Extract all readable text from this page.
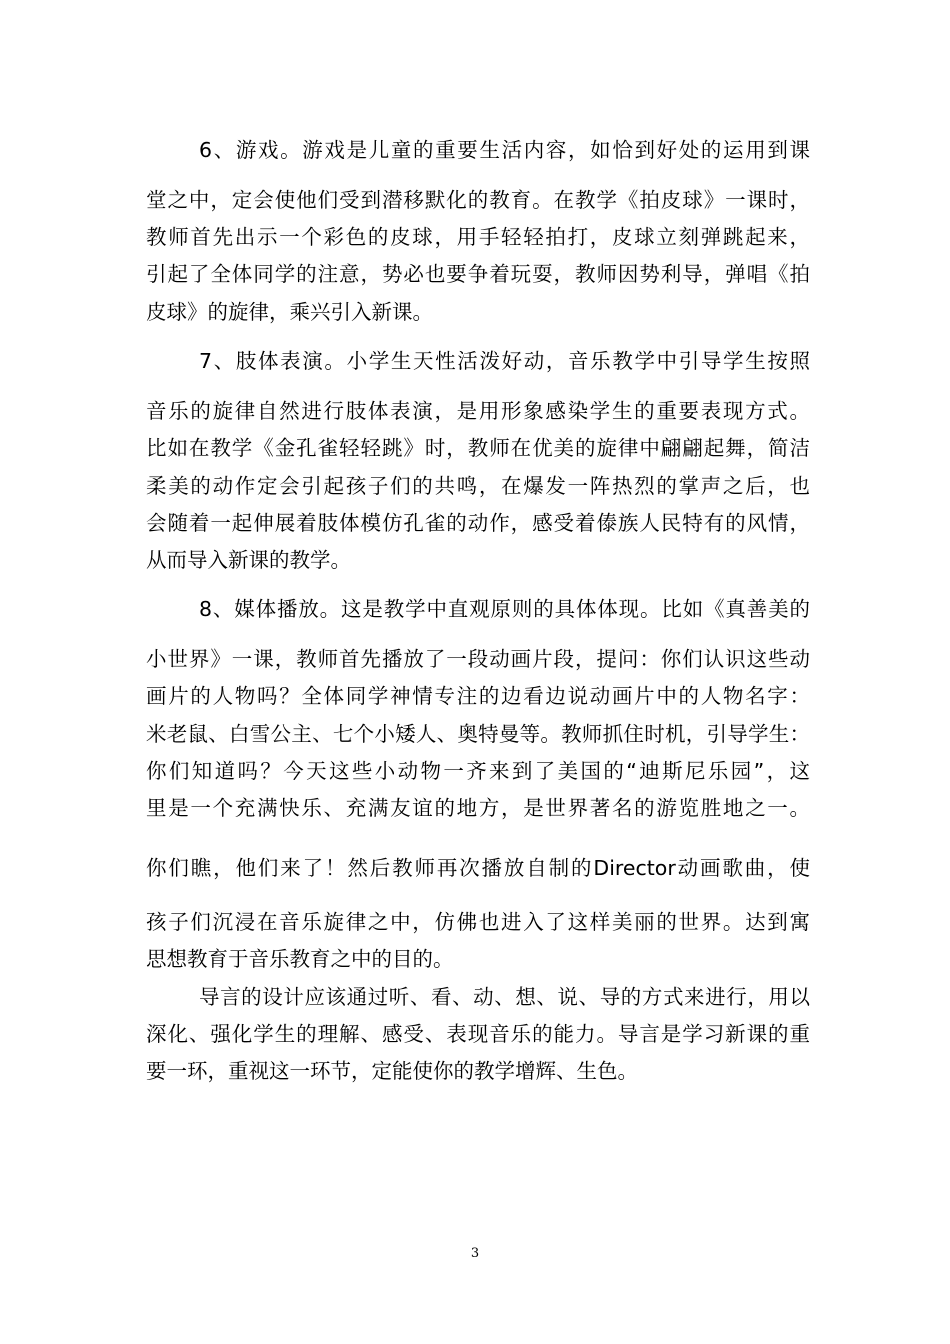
6、游戏。游戏是儿童的重要生活内容，如恰到好处的运用到课
堂之中，定会使他们受到潜移默化的教育。在教学《拍皮球》一课时，
教师首先出示一个彩色的皮球，用手轻轻拍打，皮球立刻弹跳起来，
引起了全体同学的注意，势必也要争着玩耍，教师因势利导，弹唱《拍
皮球》的旋律，乘兴引入新课。
7、肢体表演。小学生天性活泼好动，音乐教学中引导学生按照
音乐的旋律自然进行肢体表演，是用形象感染学生的重要表现方式。
比如在教学《金孔雀轻轻跳》时，教师在优美的旋律中翩翩起舞，简洁
柔美的动作定会引起孩子们的共鸣，在爆发一阵热烈的掌声之后，也
会随着一起伸展着肢体模仿孔雀的动作，感受着傣族人民特有的风情，
从而导入新课的教学。
8、媒体播放。这是教学中直观原则的具体体现。比如《真善美的
小世界》一课，教师首先播放了一段动画片段，提问：你们认识这些动
画片的人物吗？全体同学神情专注的边看边说动画片中的人物名字：
米老鼠、白雪公主、七个小矮人、奥特曼等。教师抓住时机，引导学生：
你们知道吗？今天这些小动物一齐来到了美国的“迪斯尼乐园”，这
里是一个充满快乐、充满友谊的地方，是世界著名的游览胜地之一。
你们瞧，他们来了！然后教师再次播放自制的Director动画歌曲，使
孩子们沉浸在音乐旋律之中，仿佛也进入了这样美丽的世界。达到寓
思想教育于音乐教育之中的目的。
导言的设计应该通过听、看、动、想、说、导的方式来进行，用以
深化、强化学生的理解、感受、表现音乐的能力。导言是学习新课的重
要一环，重视这一环节，定能使你的教学增辉、生色。
3
